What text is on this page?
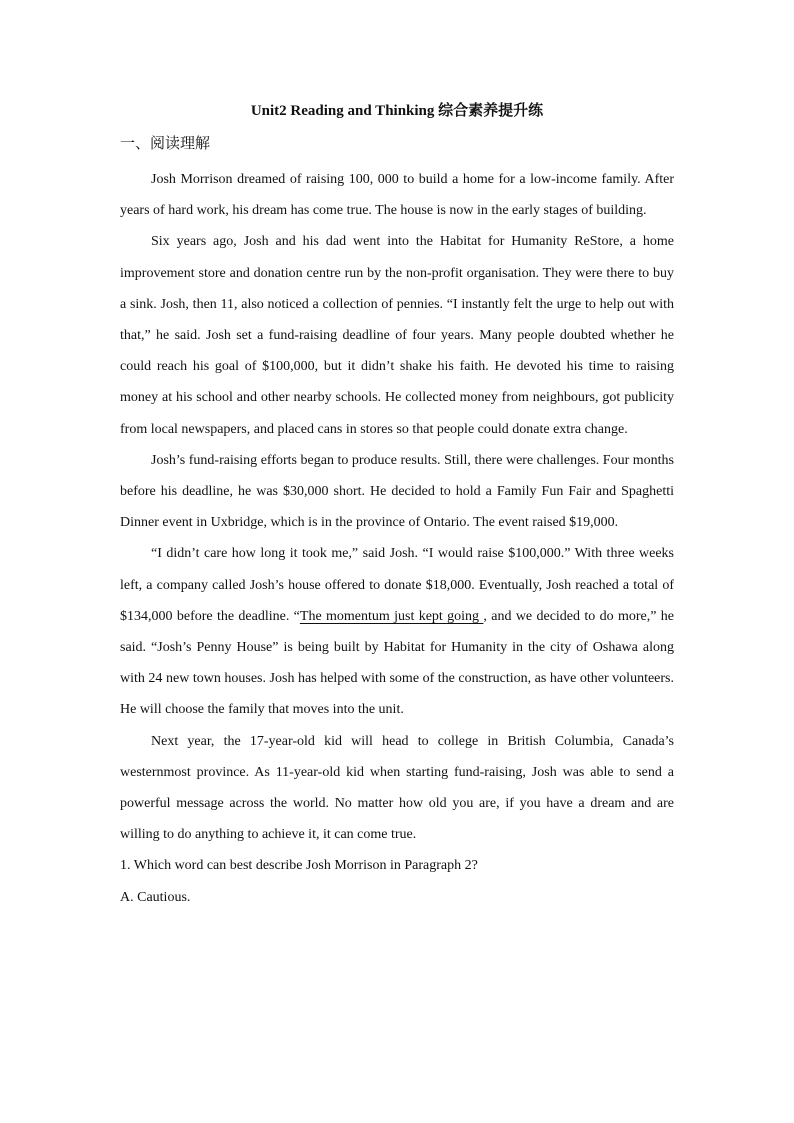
Unit2 Reading and Thinking 综合素养提升练
一、阅读理解

Josh Morrison dreamed of raising 100, 000 to build a home for a low-income family. After years of hard work, his dream has come true. The house is now in the early stages of building.

Six years ago, Josh and his dad went into the Habitat for Humanity ReStore, a home improvement store and donation centre run by the non-profit organisation. They were there to buy a sink. Josh, then 11, also noticed a collection of pennies. “I instantly felt the urge to help out with that,” he said. Josh set a fund-raising deadline of four years. Many people doubted whether he could reach his goal of $100,000, but it didn’t shake his faith. He devoted his time to raising money at his school and other nearby schools. He collected money from neighbours, got publicity from local newspapers, and placed cans in stores so that people could donate extra change.

Josh’s fund-raising efforts began to produce results. Still, there were challenges. Four months before his deadline, he was $30,000 short. He decided to hold a Family Fun Fair and Spaghetti Dinner event in Uxbridge, which is in the province of Ontario. The event raised $19,000.

“I didn’t care how long it took me,” said Josh. “I would raise $100,000.” With three weeks left, a company called Josh’s house offered to donate $18,000. Eventually, Josh reached a total of $134,000 before the deadline. “The momentum just kept going , and we decided to do more,” he said. “Josh’s Penny House” is being built by Habitat for Humanity in the city of Oshawa along with 24 new town houses. Josh has helped with some of the construction, as have other volunteers. He will choose the family that moves into the unit.

Next year, the 17-year-old kid will head to college in British Columbia, Canada’s westernmost province. As 11-year-old kid when starting fund-raising, Josh was able to send a powerful message across the world. No matter how old you are, if you have a dream and are willing to do anything to achieve it, it can come true.

1. Which word can best describe Josh Morrison in Paragraph 2?

A. Cautious.
